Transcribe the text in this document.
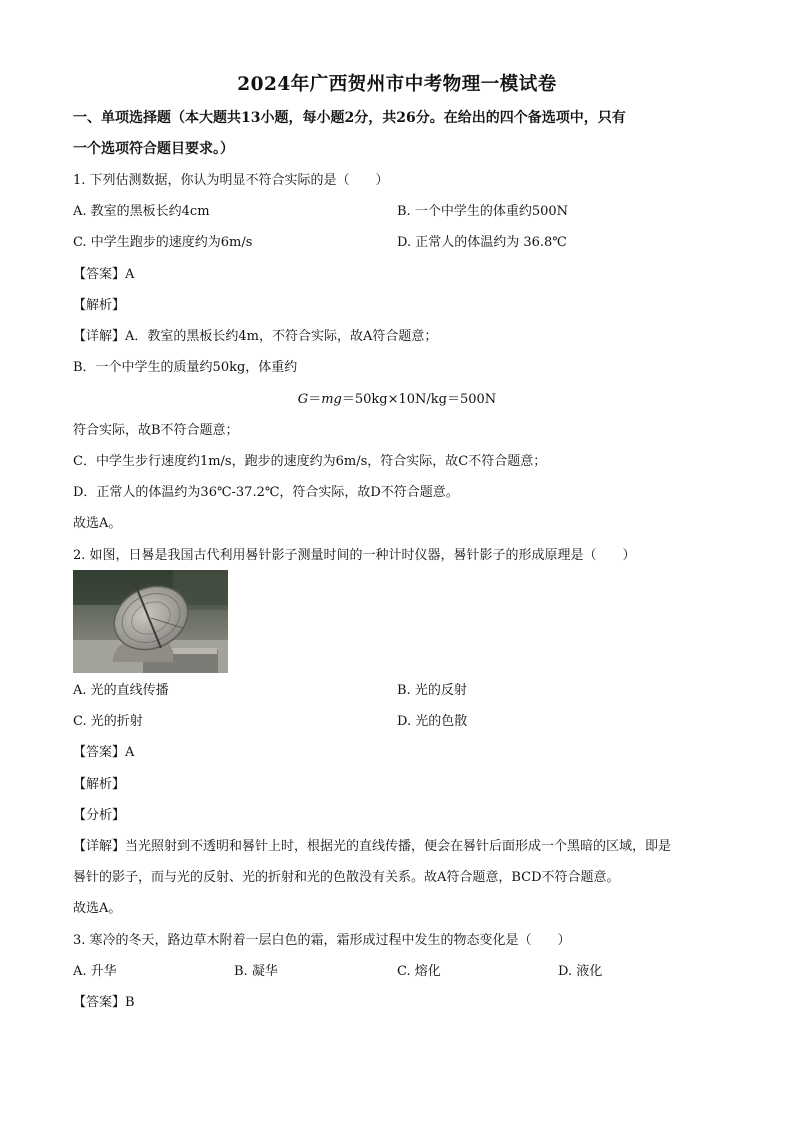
2024年广西贺州市中考物理一模试卷
一、单项选择题（本大题共13小题，每小题2分，共26分。在给出的四个备选项中，只有
一个选项符合题目要求。）
1. 下列估测数据，你认为明显不符合实际的是（　　）
A. 教室的黑板长约4cm	B. 一个中学生的体重约500N
C. 中学生跑步的速度约为6m/s	D. 正常人的体温约为 36.8℃
【答案】A
【解析】
【详解】A．教室的黑板长约4m，不符合实际，故A符合题意；
B．一个中学生的质量约50kg，体重约
G＝mg＝50kg×10N/kg＝500N
符合实际，故B不符合题意；
C．中学生步行速度约1m/s，跑步的速度约为6m/s，符合实际，故C不符合题意；
D．正常人的体温约为36℃-37.2℃，符合实际，故D不符合题意。
故选A。
2. 如图，日晷是我国古代利用晷针影子测量时间的一种计时仪器，晷针影子的形成原理是（　　）
A. 光的直线传播	B. 光的反射
C. 光的折射	D. 光的色散
【答案】A
【解析】
【分析】
【详解】当光照射到不透明和晷针上时，根据光的直线传播，便会在晷针后面形成一个黑暗的区域，即是
晷针的影子，而与光的反射、光的折射和光的色散没有关系。故A符合题意，BCD不符合题意。
故选A。
3. 寒冷的冬天，路边草木附着一层白色的霜，霜形成过程中发生的物态变化是（　　）
A. 升华	B. 凝华	C. 熔化	D. 液化
【答案】B
